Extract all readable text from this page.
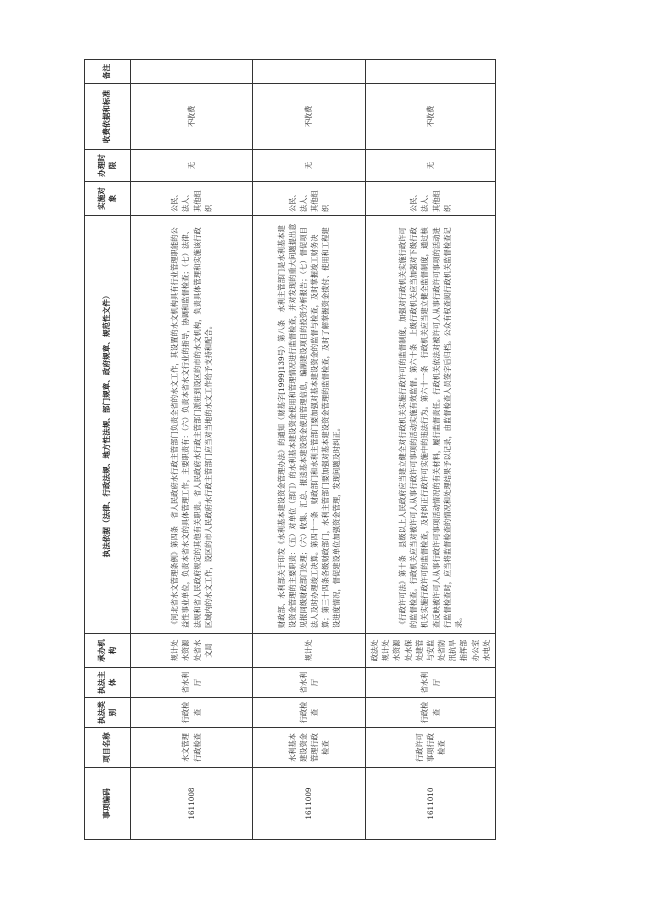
事项编码	项目名称	执法类别	执法主体	承办机构	执法依据（法律、行政法规、地方性法规、部门规章、政府规章、规范性文件）	实施对象	办理时限	收费依据和标准	备注
1611008	水文管理行政检查	行政检查	省水利厅	规计处水资源处省水文局	《河北省水文管理条例》第四条　省人民政府水行政主管部门负责全省的水文工作，其设置的水文机构具有行业管理职能的公益性事业单位，负责本省水文的具体管理工作，主要职责有：（六）负责本省水文行业的指导，协调和监督检查；（七）法律、法规和省人民政府规定的其他有关职责。省人民政府水行政主管部门派驻到设区的市的水文机构，负责具体管理和实施该行政区域内的水文工作，设区的市人民政府水行政主管部门应当对当地的水文工作给予支持和配合。	公民、法人、其他组织	无	不收费	
1611009	水利基本建设资金管理行政检查	行政检查	省水利厅	规计处	财政部、水利部关于印发《水利基本建设资金管理办法》的通知（财基字[1999]139号）第八条　水利主管部门是水利基本建设资金管理的主要职责：（五）对单位（部门）的水利基本建设资金使用和管理情况进行监督检查，并对发现的重大问题提出意见报同级财政部门处理；（六）收集、汇总、报送基本建设资金使用管理信息，编制建设项目的投资分析报告；（七）督促项目法人及时办理竣工决算。第四十一条　财政部门和水利主管部门要加强对基本建设资金的监督与检查，及时掌握竣工财务决算；第三十四条各级财政部门，水利主管部门要加强对基本建设资金管理的监督检查，及时了解掌握资金拨付、使用和工程建设进度情况，督促建设单位加强资金管理，发现问题及时纠正。	公民、法人、其他组织	无	不收费	
1611010	行政许可事项行政检查	行政检查	省水利厅	政法处规计处水资源处水保处建管与安监处省防汛抗旱指挥部办公室水电处	《行政许可法》第十条　县级以上人民政府应当建立健全对行政机关实施行政许可的监督制度，加强对行政机关实施行政许可的监督检查。行政机关应当对被许可人从事行政许可事项的活动实施有效监督。第六十条　上级行政机关应当加强对下级行政机关实施行政许可的监督检查，及时纠正行政许可实施中的违法行为。第六十一条　行政机关应当建立健全监督制度，通过核查反映被许可人从事行政许可事项活动情况的有关材料，履行监督责任。行政机关依法对被许可人从事行政许可事项的活动进行监督检查时，应当将监督检查的情况和处理结果予以记录，由监督检查人员签字后归档。公众有权查阅行政机关监督检查记录。	公民、法人、其他组织	无	不收费	
